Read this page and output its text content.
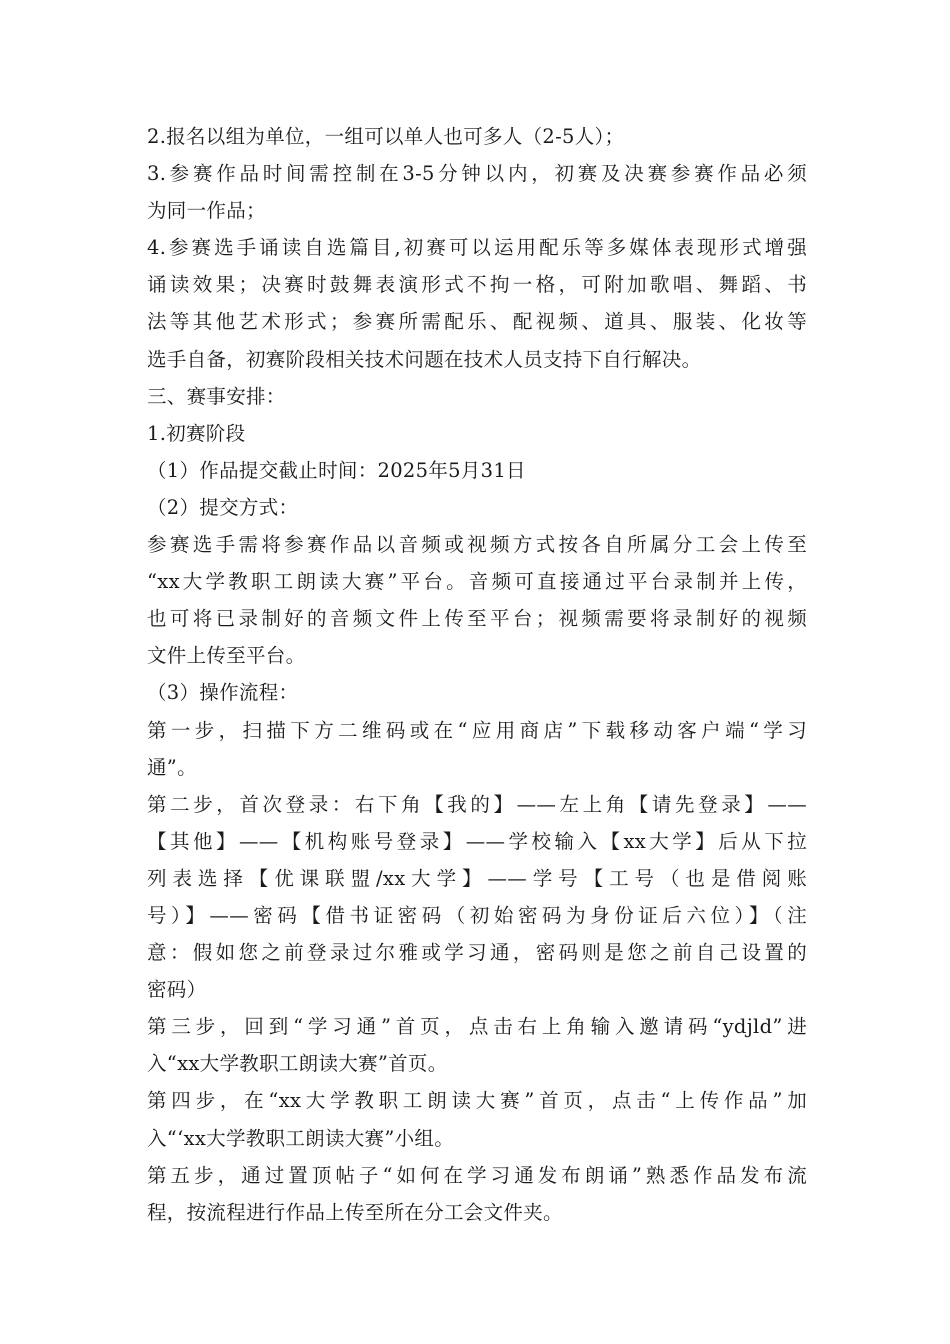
2.报名以组为单位，一组可以单人也可多人（2-5人）；
3.参赛作品时间需控制在3-5分钟以内，初赛及决赛参赛作品必须
为同一作品；
4.参赛选手诵读自选篇目,初赛可以运用配乐等多媒体表现形式增强
诵读效果；决赛时鼓舞表演形式不拘一格，可附加歌唱、舞蹈、书
法等其他艺术形式；参赛所需配乐、配视频、道具、服装、化妆等
选手自备，初赛阶段相关技术问题在技术人员支持下自行解决。
三、赛事安排：
1.初赛阶段
（1）作品提交截止时间：2025年5月31日
（2）提交方式：
参赛选手需将参赛作品以音频或视频方式按各自所属分工会上传至
“xx大学教职工朗读大赛”平台。音频可直接通过平台录制并上传，
也可将已录制好的音频文件上传至平台；视频需要将录制好的视频
文件上传至平台。
（3）操作流程：
第一步，扫描下方二维码或在“应用商店”下载移动客户端“学习
通”。
第二步，首次登录：右下角【我的】——左上角【请先登录】——
【其他】——【机构账号登录】——学校输入【xx大学】后从下拉
列表选择【优课联盟/xx大学】——学号【工号（也是借阅账
号）】——密码【借书证密码（初始密码为身份证后六位）】（注
意：假如您之前登录过尔雅或学习通，密码则是您之前自己设置的
密码）
第三步，回到“学习通”首页，点击右上角输入邀请码“ydjld”进
入“xx大学教职工朗读大赛”首页。
第四步，在“xx大学教职工朗读大赛”首页，点击“上传作品”加
入“‘xx大学教职工朗读大赛”小组。
第五步，通过置顶帖子“如何在学习通发布朗诵”熟悉作品发布流
程，按流程进行作品上传至所在分工会文件夹。
